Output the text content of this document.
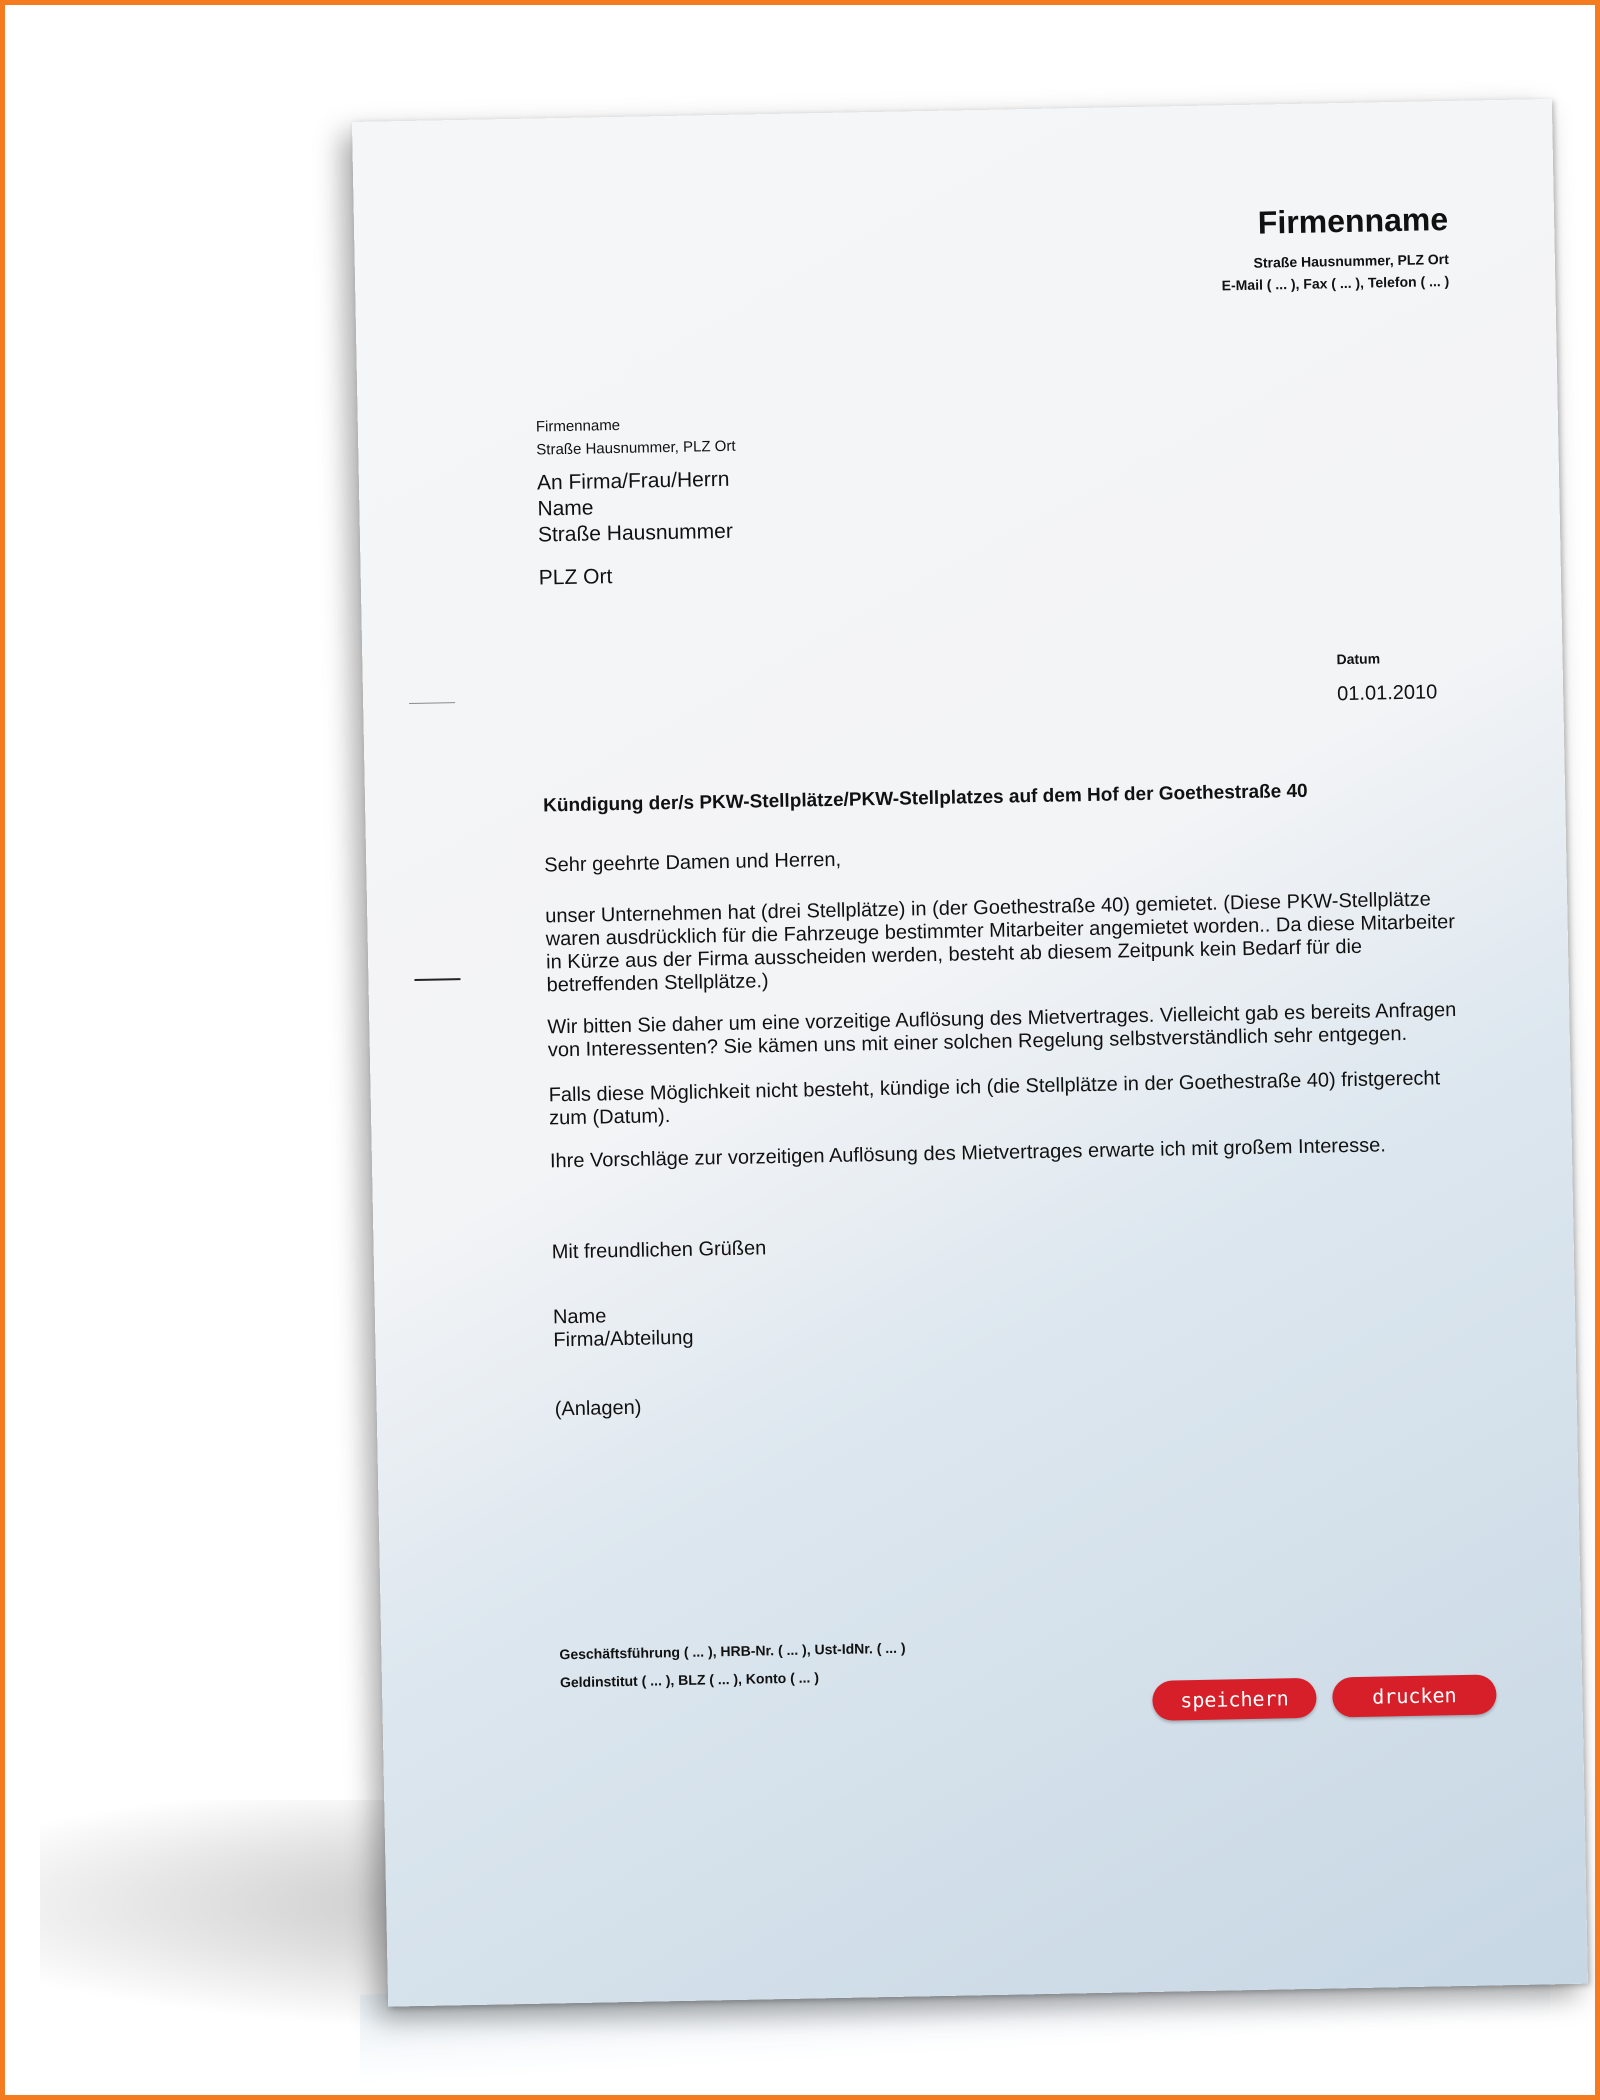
Firmenname
Straße Hausnummer, PLZ Ort
E-Mail ( ... ), Fax ( ... ), Telefon ( ... )
Firmenname
Straße Hausnummer, PLZ Ort
An Firma/Frau/Herrn
Name
Straße Hausnummer
PLZ Ort
Datum
01.01.2010
Kündigung der/s PKW-Stellplätze/PKW-Stellplatzes auf dem Hof der Goethestraße 40
Sehr geehrte Damen und Herren,
unser Unternehmen hat (drei Stellplätze) in (der Goethestraße 40) gemietet. (Diese PKW-Stellplätze waren ausdrücklich für die Fahrzeuge bestimmter Mitarbeiter angemietet worden.. Da diese Mitarbeiter in Kürze aus der Firma ausscheiden werden, besteht ab diesem Zeitpunk kein Bedarf für die betreffenden Stellplätze.)
Wir bitten Sie daher um eine vorzeitige Auflösung des Mietvertrages. Vielleicht gab es bereits Anfragen von Interessenten? Sie kämen uns mit einer solchen Regelung selbstverständlich sehr entgegen.
Falls diese Möglichkeit nicht besteht, kündige ich (die Stellplätze in der Goethestraße 40) fristgerecht zum (Datum).
Ihre Vorschläge zur vorzeitigen Auflösung des Mietvertrages erwarte ich mit großem Interesse.
Mit freundlichen Grüßen
Name
Firma/Abteilung
(Anlagen)
Geschäftsführung ( ... ), HRB-Nr. ( ... ), Ust-IdNr. ( ... )
Geldinstitut ( ... ), BLZ ( ... ), Konto ( ... )
speichern	drucken
